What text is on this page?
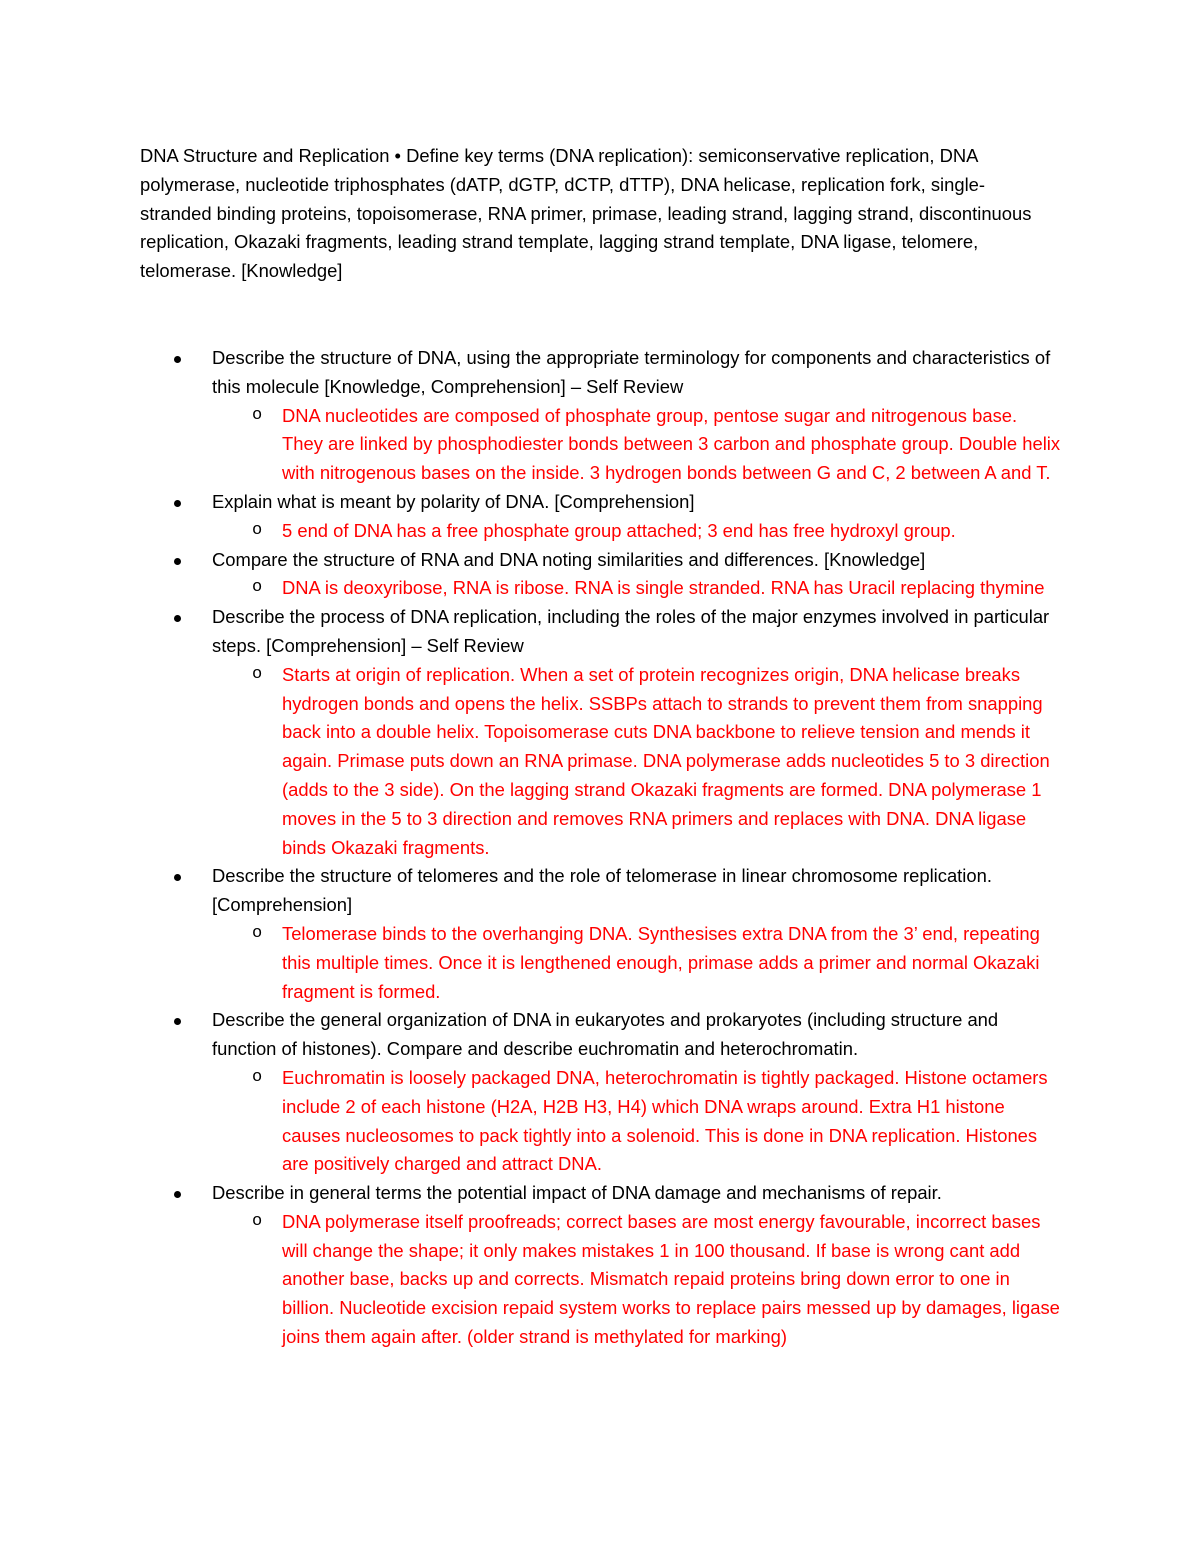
DNA Structure and Replication • Define key terms (DNA replication): semiconservative replication, DNA polymerase, nucleotide triphosphates (dATP, dGTP, dCTP, dTTP), DNA helicase, replication fork, single-stranded binding proteins, topoisomerase, RNA primer, primase, leading strand, lagging strand, discontinuous replication, Okazaki fragments, leading strand template, lagging strand template, DNA ligase, telomere, telomerase. [Knowledge]

Describe the structure of DNA, using the appropriate terminology for components and characteristics of this molecule [Knowledge, Comprehension] – Self Review
o DNA nucleotides are composed of phosphate group, pentose sugar and nitrogenous base. They are linked by phosphodiester bonds between 3 carbon and phosphate group. Double helix with nitrogenous bases on the inside. 3 hydrogen bonds between G and C, 2 between A and T.
Explain what is meant by polarity of DNA. [Comprehension]
o 5 end of DNA has a free phosphate group attached; 3 end has free hydroxyl group.
Compare the structure of RNA and DNA noting similarities and differences. [Knowledge]
o DNA is deoxyribose, RNA is ribose. RNA is single stranded. RNA has Uracil replacing thymine
Describe the process of DNA replication, including the roles of the major enzymes involved in particular steps. [Comprehension] – Self Review
o Starts at origin of replication. When a set of protein recognizes origin, DNA helicase breaks hydrogen bonds and opens the helix. SSBPs attach to strands to prevent them from snapping back into a double helix. Topoisomerase cuts DNA backbone to relieve tension and mends it again. Primase puts down an RNA primase. DNA polymerase adds nucleotides 5 to 3 direction (adds to the 3 side). On the lagging strand Okazaki fragments are formed. DNA polymerase 1 moves in the 5 to 3 direction and removes RNA primers and replaces with DNA. DNA ligase binds Okazaki fragments.
Describe the structure of telomeres and the role of telomerase in linear chromosome replication. [Comprehension]
o Telomerase binds to the overhanging DNA. Synthesises extra DNA from the 3’ end, repeating this multiple times. Once it is lengthened enough, primase adds a primer and normal Okazaki fragment is formed.
Describe the general organization of DNA in eukaryotes and prokaryotes (including structure and function of histones). Compare and describe euchromatin and heterochromatin.
o Euchromatin is loosely packaged DNA, heterochromatin is tightly packaged. Histone octamers include 2 of each histone (H2A, H2B H3, H4) which DNA wraps around. Extra H1 histone causes nucleosomes to pack tightly into a solenoid. This is done in DNA replication. Histones are positively charged and attract DNA.
Describe in general terms the potential impact of DNA damage and mechanisms of repair.
o DNA polymerase itself proofreads; correct bases are most energy favourable, incorrect bases will change the shape; it only makes mistakes 1 in 100 thousand. If base is wrong cant add another base, backs up and corrects. Mismatch repaid proteins bring down error to one in billion. Nucleotide excision repaid system works to replace pairs messed up by damages, ligase joins them again after. (older strand is methylated for marking)
